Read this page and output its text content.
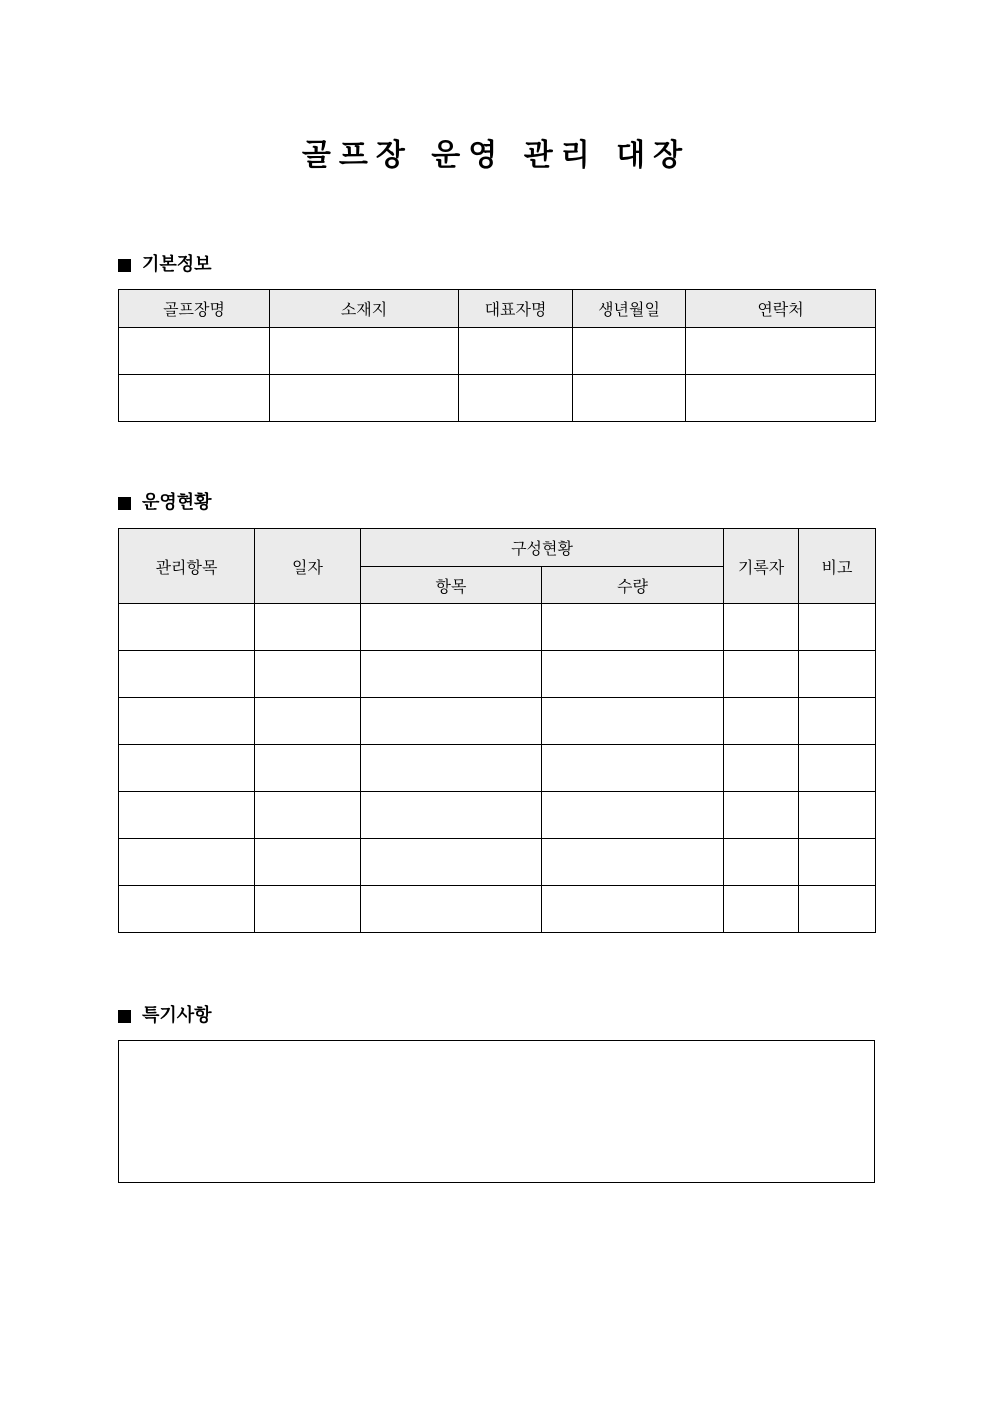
골프장 운영 관리 대장
기본정보
골프장명	소재지	대표자명	생년월일	연락처

운영현황
관리항목	일자	구성현황		기록자	비고
		항목	수량		

특기사항
